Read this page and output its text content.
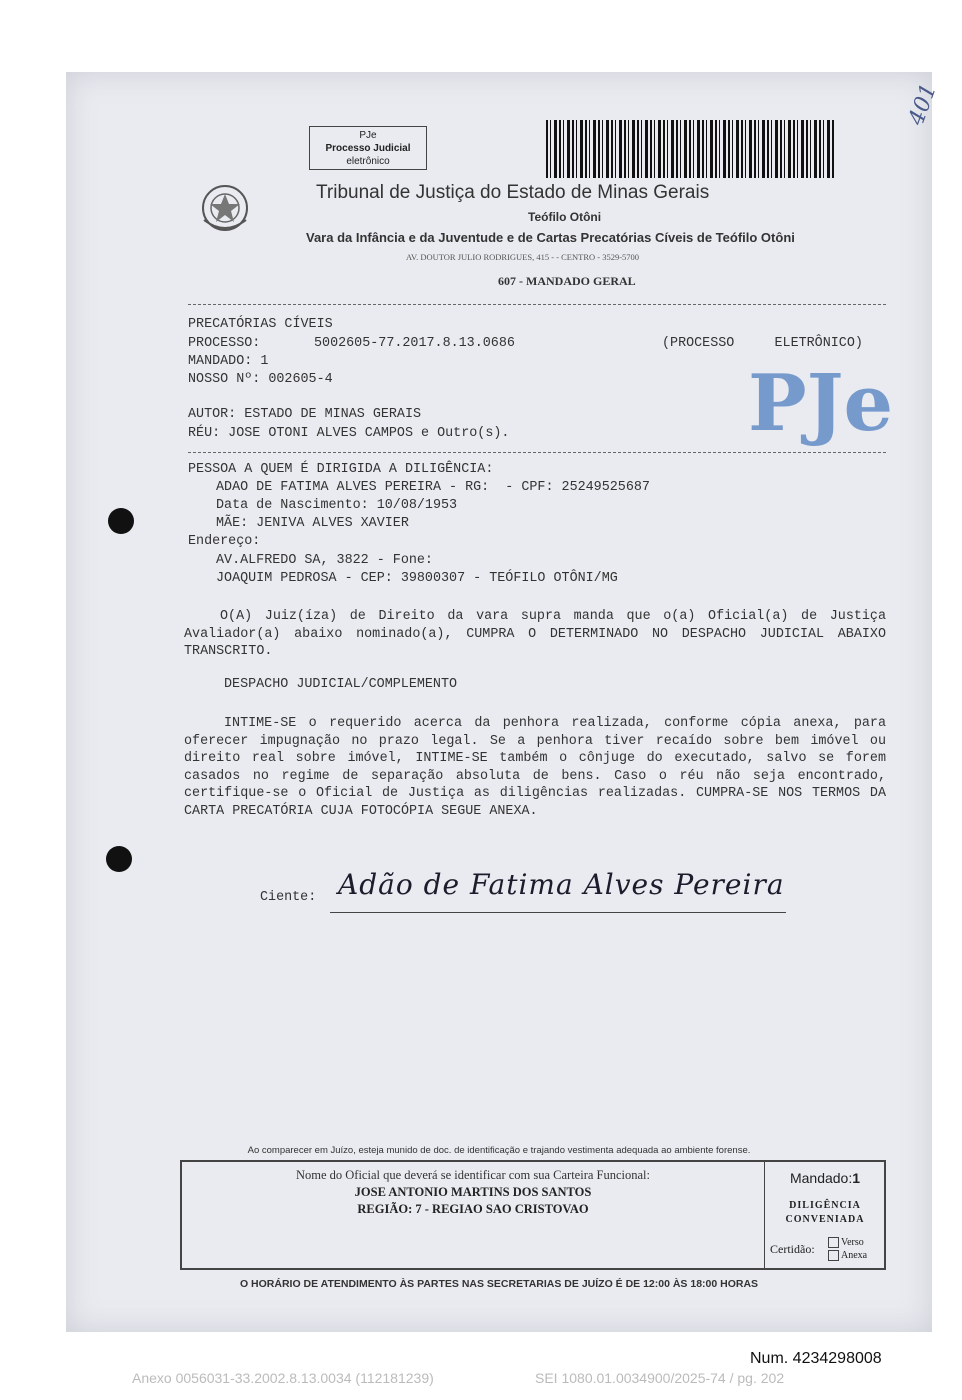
PJe
Processo Judicial
eletrônico
Tribunal de Justiça do Estado de Minas Gerais
Teófilo Otôni
Vara da Infância e da Juventude e de Cartas Precatórias Cíveis de Teófilo Otôni
AV. DOUTOR JULIO RODRIGUES, 415 - - CENTRO - 3529-5700
607 - MANDADO GERAL
401
PRECATÓRIAS CÍVEIS
PROCESSO:	5002605-77.2017.8.13.0686	(PROCESSO     ELETRÔNICO)
MANDADO: 1
NOSSO Nº: 002605-4
AUTOR: ESTADO DE MINAS GERAIS
RÉU: JOSE OTONI ALVES CAMPOS e Outro(s).	PJe
PESSOA A QUEM É DIRIGIDA A DILIGÊNCIA:
ADAO DE FATIMA ALVES PEREIRA - RG:  - CPF: 25249525687
Data de Nascimento: 10/08/1953
MÃE: JENIVA ALVES XAVIER
Endereço:
AV.ALFREDO SA, 3822 - Fone:
JOAQUIM PEDROSA - CEP: 39800307 - TEÓFILO OTÔNI/MG
O(A) Juiz(íza) de Direito da vara supra manda que o(a) Oficial(a) de Justiça Avaliador(a) abaixo nominado(a), CUMPRA O DETERMINADO NO DESPACHO JUDICIAL ABAIXO TRANSCRITO.
DESPACHO JUDICIAL/COMPLEMENTO
INTIME-SE o requerido acerca da penhora realizada, conforme cópia anexa, para oferecer impugnação no prazo legal. Se a penhora tiver recaído sobre bem imóvel ou direito real sobre imóvel, INTIME-SE também o cônjuge do executado, salvo se forem casados no regime de separação absoluta de bens. Caso o réu não seja encontrado, certifique-se o Oficial de Justiça as diligências realizadas. CUMPRA-SE NOS TERMOS DA CARTA PRECATÓRIA CUJA FOTOCÓPIA SEGUE ANEXA.
Ciente: Adão de Fatima Alves Pereira
Ao comparecer em Juízo, esteja munido de doc. de identificação e trajando vestimenta adequada ao ambiente forense.
Nome do Oficial que deverá se identificar com sua Carteira Funcional:
JOSE ANTONIO MARTINS DOS SANTOS
REGIÃO: 7 - REGIAO SAO CRISTOVAO
Mandado:1
DILIGÊNCIA
CONVENIADA
Certidão:	Verso
Anexa
O HORÁRIO DE ATENDIMENTO ÀS PARTES NAS SECRETARIAS DE JUÍZO É DE 12:00 ÀS 18:00 HORAS
Num. 4234298008
Anexo 0056031-33.2002.8.13.0034 (112181239)	SEI 1080.01.0034900/2025-74 / pg. 202
